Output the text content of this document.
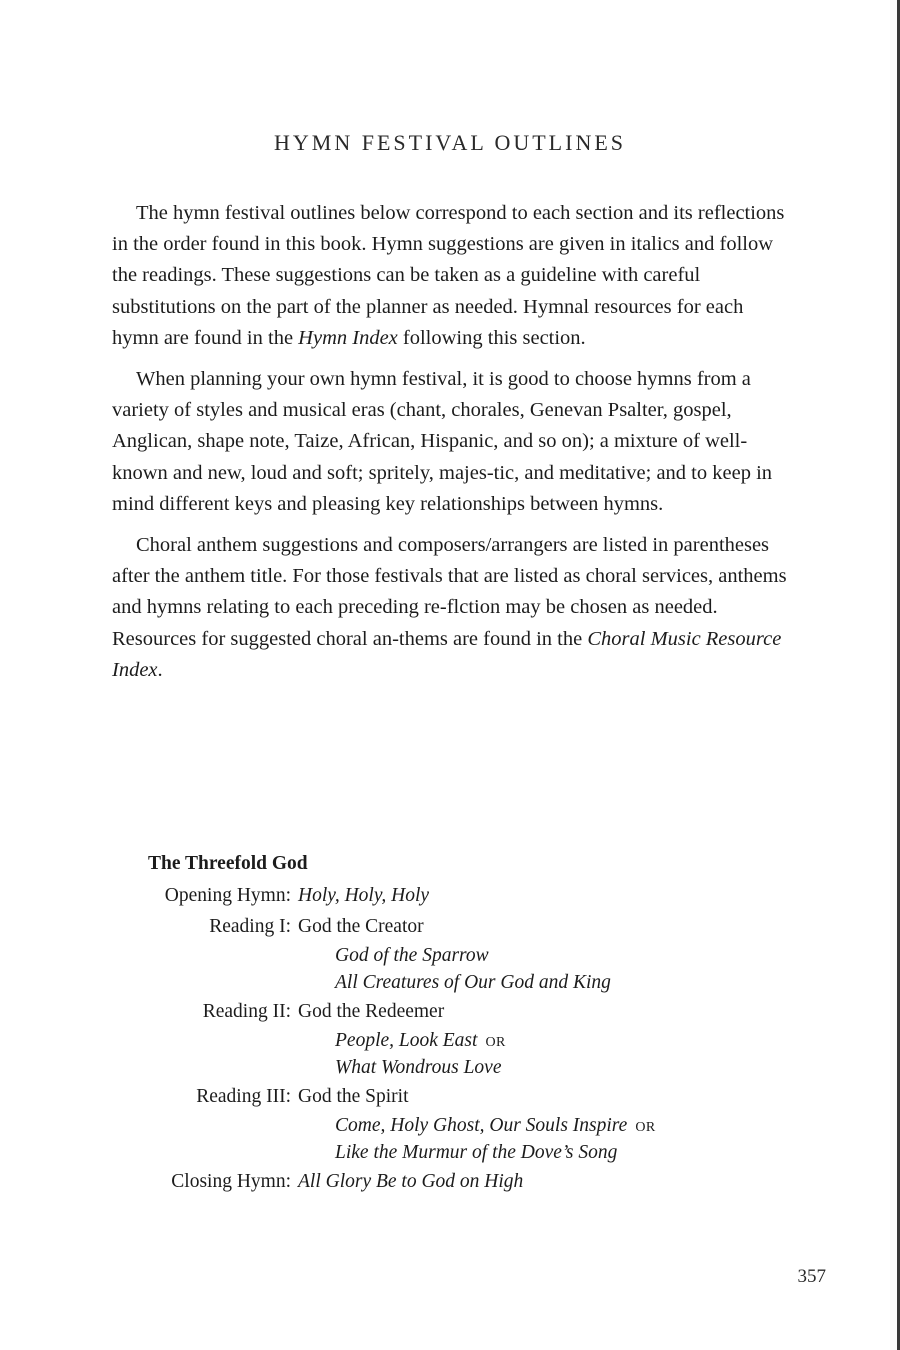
HYMN FESTIVAL OUTLINES

The hymn festival outlines below correspond to each section and its reflections in the order found in this book. Hymn suggestions are given in italics and follow the readings. These suggestions can be taken as a guideline with careful substitutions on the part of the planner as needed. Hymnal resources for each hymn are found in the Hymn Index following this section.

When planning your own hymn festival, it is good to choose hymns from a variety of styles and musical eras (chant, chorales, Genevan Psalter, gospel, Anglican, shape note, Taize, African, Hispanic, and so on); a mixture of well-known and new, loud and soft; spritely, majes-tic, and meditative; and to keep in mind different keys and pleasing key relationships between hymns.

Choral anthem suggestions and composers/arrangers are listed in parentheses after the anthem title. For those festivals that are listed as choral services, anthems and hymns relating to each preceding re-flction may be chosen as needed. Resources for suggested choral an-thems are found in the Choral Music Resource Index.

The Threefold God
Opening Hymn: Holy, Holy, Holy
Reading I: God the Creator
God of the Sparrow
All Creatures of Our God and King
Reading II: God the Redeemer
People, Look East OR
What Wondrous Love
Reading III: God the Spirit
Come, Holy Ghost, Our Souls Inspire OR
Like the Murmur of the Dove’s Song
Closing Hymn: All Glory Be to God on High
357
